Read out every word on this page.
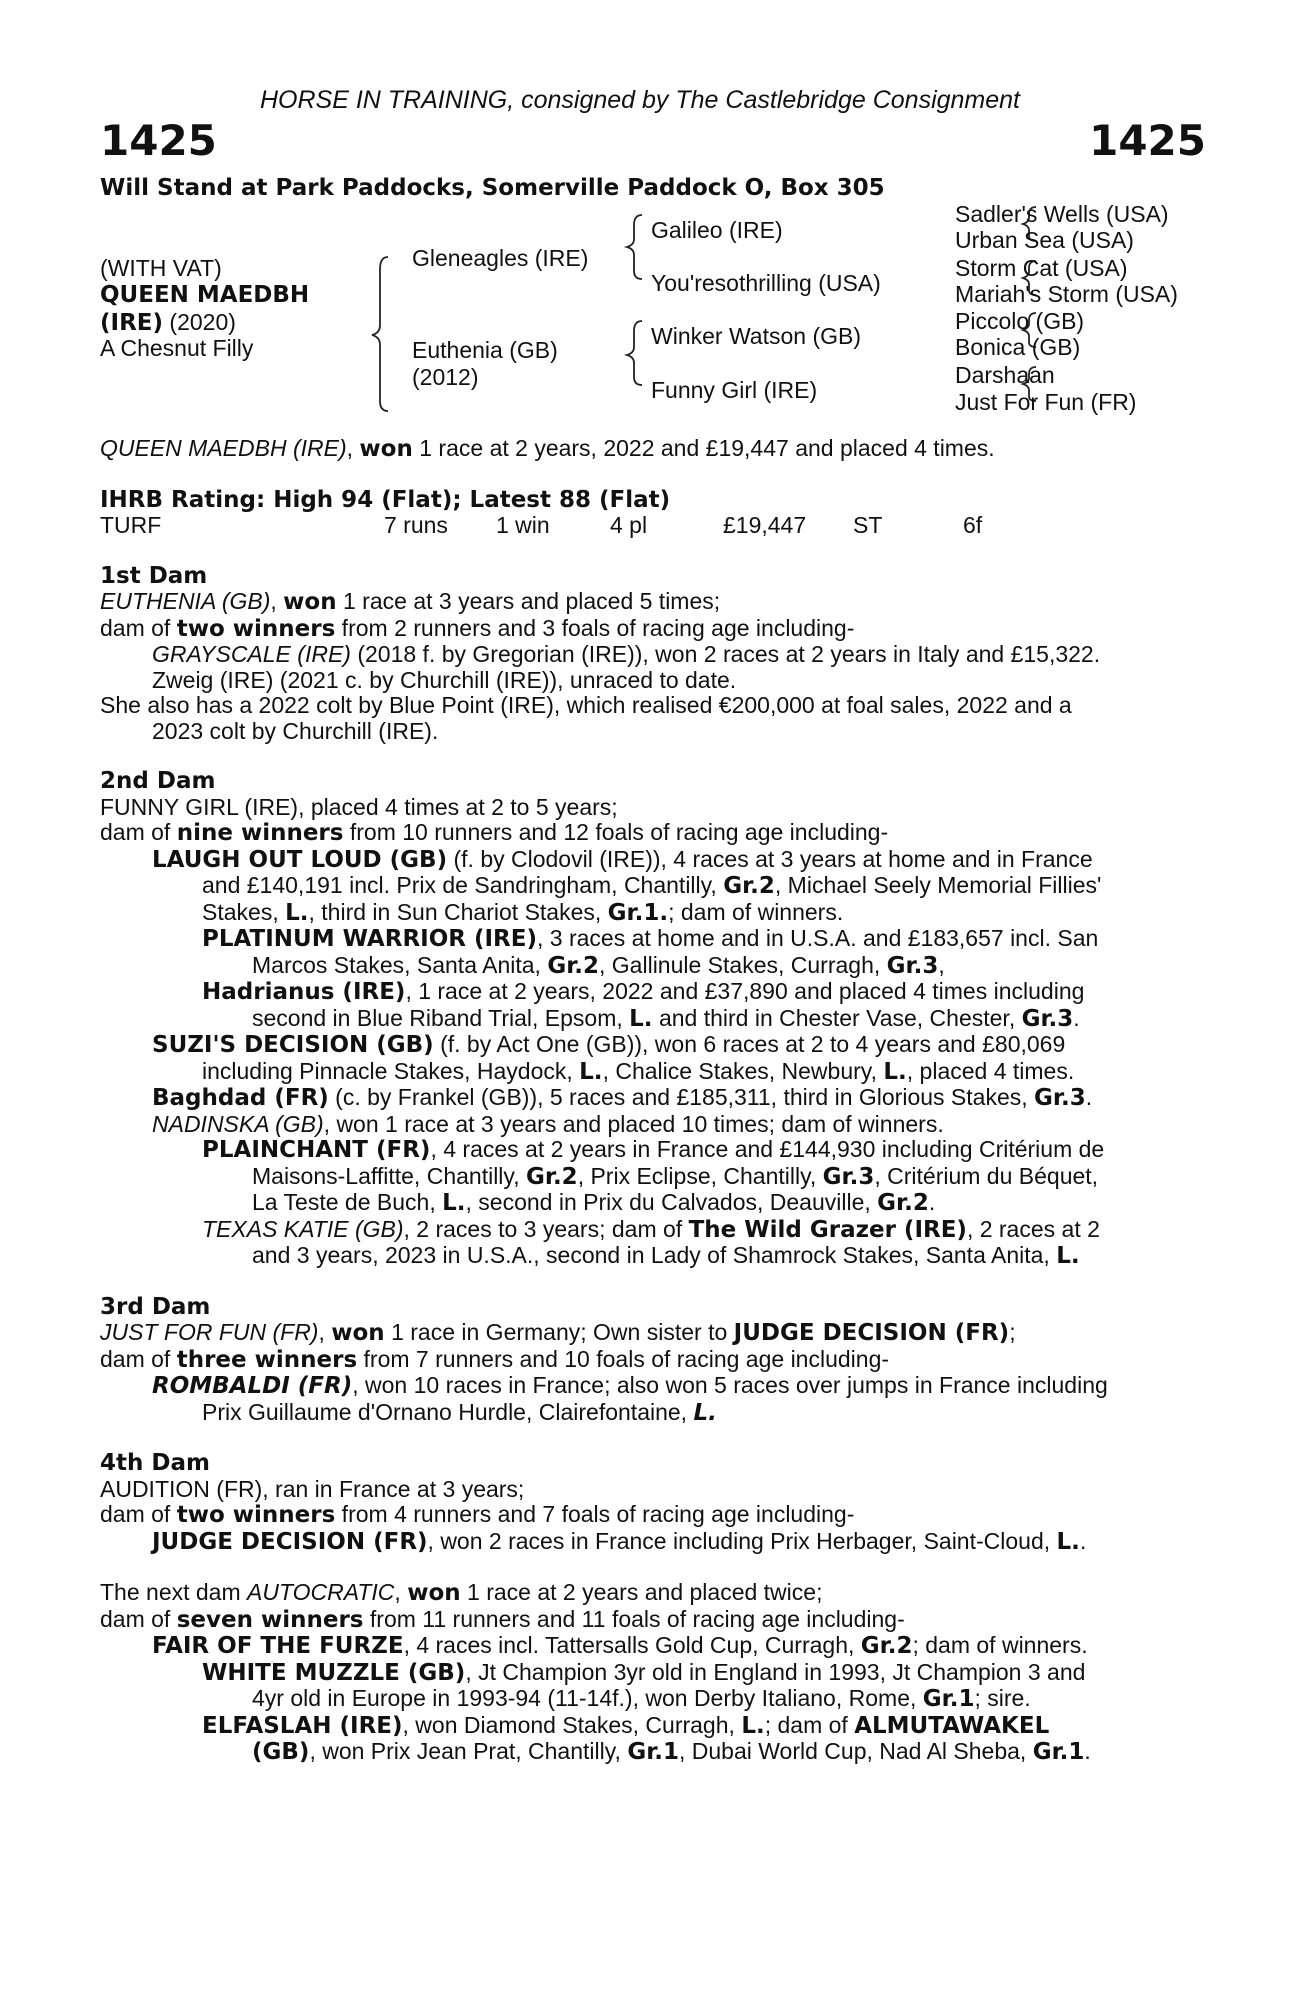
HORSE IN TRAINING, consigned by The Castlebridge Consignment
1425	1425
Will Stand at Park Paddocks, Somerville Paddock O, Box 305
(WITH VAT)
QUEEN MAEDBH
(IRE) (2020)
A Chesnut Filly
Gleneagles (IRE)
Euthenia (GB)
(2012)
Galileo (IRE)
You'resothrilling (USA)
Winker Watson (GB)
Funny Girl (IRE)
Sadler's Wells (USA)
Urban Sea (USA)
Storm Cat (USA)
Mariah's Storm (USA)
Piccolo (GB)
Bonica (GB)
Darshaan
Just For Fun (FR)

QUEEN MAEDBH (IRE), won 1 race at 2 years, 2022 and £19,447 and placed 4 times.

IHRB Rating: High 94 (Flat); Latest 88 (Flat)

TURF	7 runs	1 win	4 pl	£19,447	ST	6f

1st Dam

EUTHENIA (GB), won 1 race at 3 years and placed 5 times;

dam of two winners from 2 runners and 3 foals of racing age including-

GRAYSCALE (IRE) (2018 f. by Gregorian (IRE)), won 2 races at 2 years in Italy and £15,322.

Zweig (IRE) (2021 c. by Churchill (IRE)), unraced to date.

She also has a 2022 colt by Blue Point (IRE), which realised €200,000 at foal sales, 2022 and a

2023 colt by Churchill (IRE).

2nd Dam

FUNNY GIRL (IRE), placed 4 times at 2 to 5 years;

dam of nine winners from 10 runners and 12 foals of racing age including-

LAUGH OUT LOUD (GB) (f. by Clodovil (IRE)), 4 races at 3 years at home and in France

and £140,191 incl. Prix de Sandringham, Chantilly, Gr.2, Michael Seely Memorial Fillies'

Stakes, L., third in Sun Chariot Stakes, Gr.1.; dam of winners.

PLATINUM WARRIOR (IRE), 3 races at home and in U.S.A. and £183,657 incl. San

Marcos Stakes, Santa Anita, Gr.2, Gallinule Stakes, Curragh, Gr.3,

Hadrianus (IRE), 1 race at 2 years, 2022 and £37,890 and placed 4 times including

second in Blue Riband Trial, Epsom, L. and third in Chester Vase, Chester, Gr.3.

SUZI'S DECISION (GB) (f. by Act One (GB)), won 6 races at 2 to 4 years and £80,069

including Pinnacle Stakes, Haydock, L., Chalice Stakes, Newbury, L., placed 4 times.

Baghdad (FR) (c. by Frankel (GB)), 5 races and £185,311, third in Glorious Stakes, Gr.3.

NADINSKA (GB), won 1 race at 3 years and placed 10 times; dam of winners.

PLAINCHANT (FR), 4 races at 2 years in France and £144,930 including Critérium de

Maisons-Laffitte, Chantilly, Gr.2, Prix Eclipse, Chantilly, Gr.3, Critérium du Béquet,

La Teste de Buch, L., second in Prix du Calvados, Deauville, Gr.2.

TEXAS KATIE (GB), 2 races to 3 years; dam of The Wild Grazer (IRE), 2 races at 2

and 3 years, 2023 in U.S.A., second in Lady of Shamrock Stakes, Santa Anita, L.

3rd Dam

JUST FOR FUN (FR), won 1 race in Germany; Own sister to JUDGE DECISION (FR);

dam of three winners from 7 runners and 10 foals of racing age including-

ROMBALDI (FR), won 10 races in France; also won 5 races over jumps in France including

Prix Guillaume d'Ornano Hurdle, Clairefontaine, L.

4th Dam

AUDITION (FR), ran in France at 3 years;

dam of two winners from 4 runners and 7 foals of racing age including-

JUDGE DECISION (FR), won 2 races in France including Prix Herbager, Saint-Cloud, L..

The next dam AUTOCRATIC, won 1 race at 2 years and placed twice;

dam of seven winners from 11 runners and 11 foals of racing age including-

FAIR OF THE FURZE, 4 races incl. Tattersalls Gold Cup, Curragh, Gr.2; dam of winners.

WHITE MUZZLE (GB), Jt Champion 3yr old in England in 1993, Jt Champion 3 and

4yr old in Europe in 1993-94 (11-14f.), won Derby Italiano, Rome, Gr.1; sire.

ELFASLAH (IRE), won Diamond Stakes, Curragh, L.; dam of ALMUTAWAKEL

(GB), won Prix Jean Prat, Chantilly, Gr.1, Dubai World Cup, Nad Al Sheba, Gr.1.
